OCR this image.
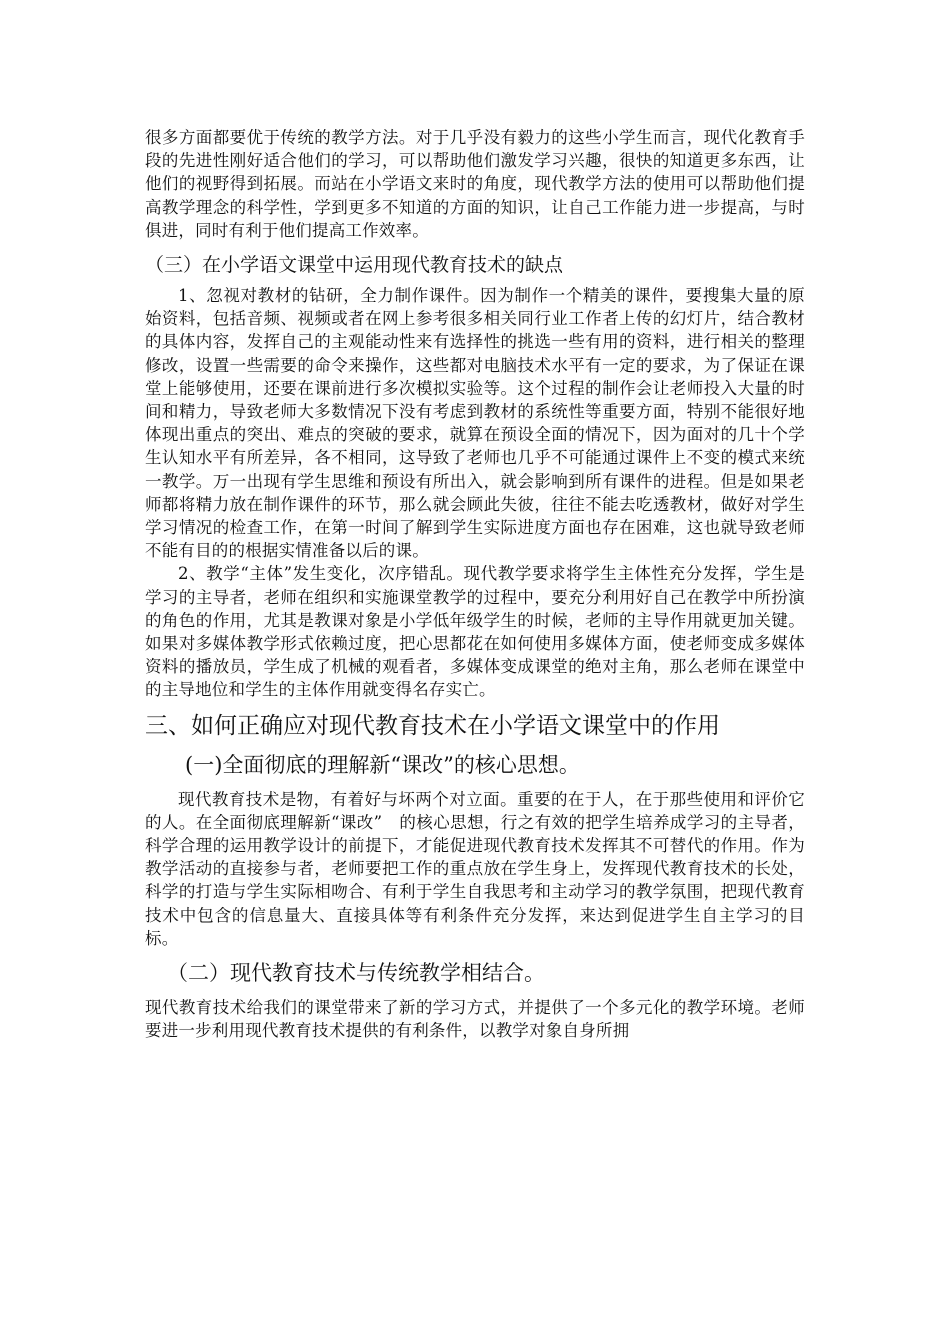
很多方面都要优于传统的教学方法。对于几乎没有毅力的这些小学生而言，现代化教育手段的先进性刚好适合他们的学习，可以帮助他们激发学习兴趣，很快的知道更多东西，让他们的视野得到拓展。而站在小学语文来时的角度，现代教学方法的使用可以帮助他们提高教学理念的科学性，学到更多不知道的方面的知识，让自己工作能力进一步提高，与时俱进，同时有利于他们提高工作效率。

（三）在小学语文课堂中运用现代教育技术的缺点

1、忽视对教材的钻研，全力制作课件。因为制作一个精美的课件，要搜集大量的原始资料，包括音频、视频或者在网上参考很多相关同行业工作者上传的幻灯片，结合教材的具体内容，发挥自己的主观能动性来有选择性的挑选一些有用的资料，进行相关的整理修改，设置一些需要的命令来操作，这些都对电脑技术水平有一定的要求，为了保证在课堂上能够使用，还要在课前进行多次模拟实验等。这个过程的制作会让老师投入大量的时间和精力，导致老师大多数情况下没有考虑到教材的系统性等重要方面，特别不能很好地体现出重点的突出、难点的突破的要求，就算在预设全面的情况下，因为面对的几十个学生认知水平有所差异，各不相同，这导致了老师也几乎不可能通过课件上不变的模式来统一教学。万一出现有学生思维和预设有所出入，就会影响到所有课件的进程。但是如果老师都将精力放在制作课件的环节，那么就会顾此失彼，往往不能去吃透教材，做好对学生学习情况的检查工作，在第一时间了解到学生实际进度方面也存在困难，这也就导致老师不能有目的的根据实情准备以后的课。

2、教学“主体”发生变化，次序错乱。现代教学要求将学生主体性充分发挥，学生是学习的主导者，老师在组织和实施课堂教学的过程中，要充分利用好自己在教学中所扮演的角色的作用，尤其是教课对象是小学低年级学生的时候，老师的主导作用就更加关键。如果对多媒体教学形式依赖过度，把心思都花在如何使用多媒体方面，使老师变成多媒体资料的播放员，学生成了机械的观看者，多媒体变成课堂的绝对主角，那么老师在课堂中的主导地位和学生的主体作用就变得名存实亡。

三、如何正确应对现代教育技术在小学语文课堂中的作用
(一)全面彻底的理解新“课改”的核心思想。

现代教育技术是物，有着好与坏两个对立面。重要的在于人，在于那些使用和评价它的人。在全面彻底理解新“课改”　的核心思想，行之有效的把学生培养成学习的主导者，科学合理的运用教学设计的前提下，才能促进现代教育技术发挥其不可替代的作用。作为教学活动的直接参与者，老师要把工作的重点放在学生身上，发挥现代教育技术的长处，科学的打造与学生实际相吻合、有利于学生自我思考和主动学习的教学氛围，把现代教育技术中包含的信息量大、直接具体等有利条件充分发挥，来达到促进学生自主学习的目标。

（二）现代教育技术与传统教学相结合。

现代教育技术给我们的课堂带来了新的学习方式，并提供了一个多元化的教学环境。老师要进一步利用现代教育技术提供的有利条件，以教学对象自身所拥
